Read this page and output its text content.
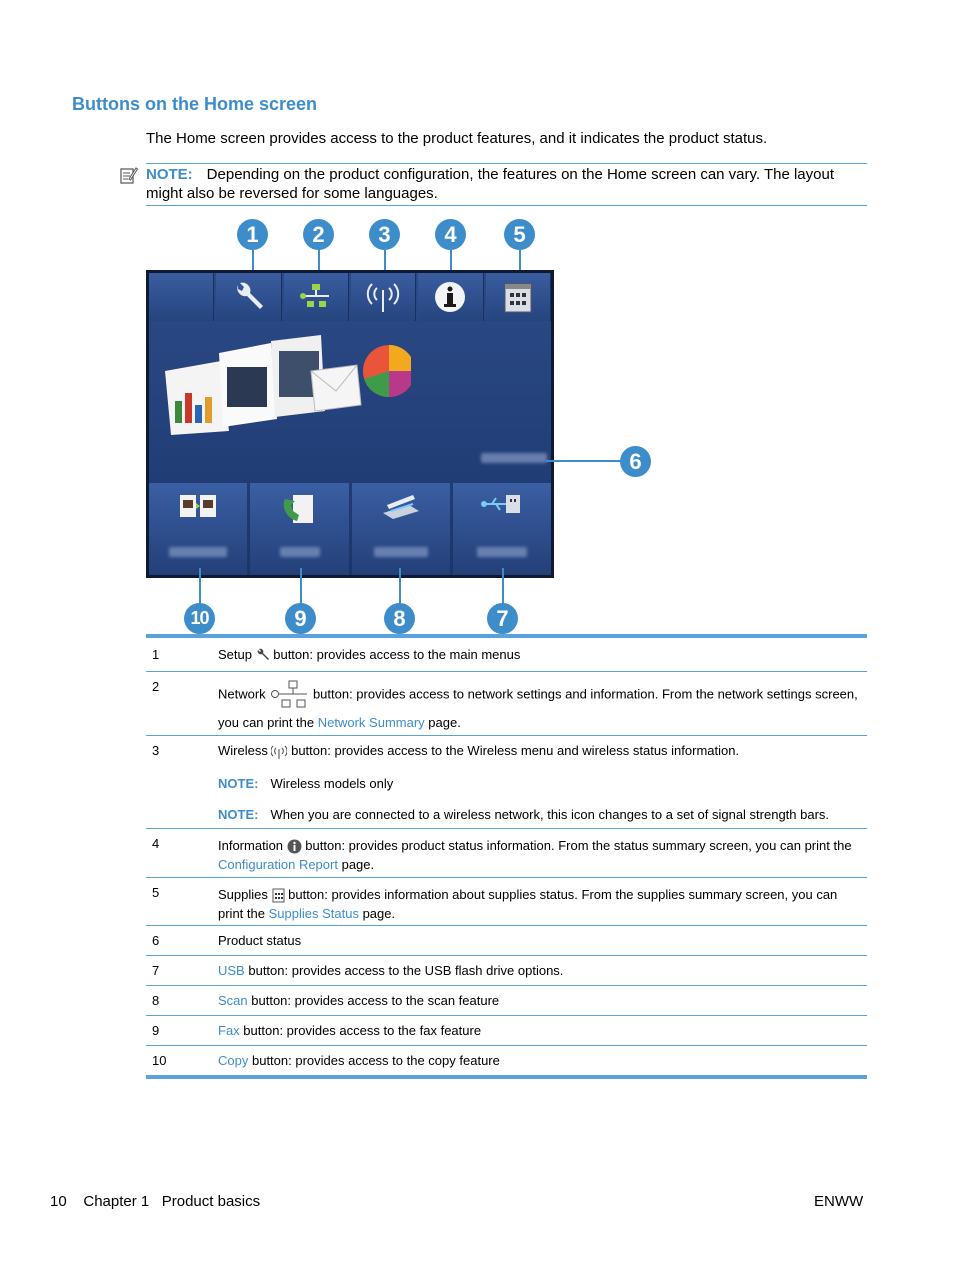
Buttons on the Home screen
The Home screen provides access to the product features, and it indicates the product status.
NOTE: Depending on the product configuration, the features on the Home screen can vary. The layout might also be reversed for some languages.
1	2	3	4	5
6
10	9	8	7
1	Setup button: provides access to the main menus
2	Network	button: provides access to network settings and information. From the network settings screen, you can print the Network Summary page.
3	Wireless button: provides access to the Wireless menu and wireless status information.
NOTE: Wireless models only
NOTE: When you are connected to a wireless network, this icon changes to a set of signal strength bars.
4	Information button: provides product status information. From the status summary screen, you can print the Configuration Report page.
5	Supplies button: provides information about supplies status. From the supplies summary screen, you can print the Supplies Status page.
6	Product status
7	USB button: provides access to the USB flash drive options.
8	Scan button: provides access to the scan feature
9	Fax button: provides access to the fax feature
10	Copy button: provides access to the copy feature
10 Chapter 1 Product basics	ENWW
